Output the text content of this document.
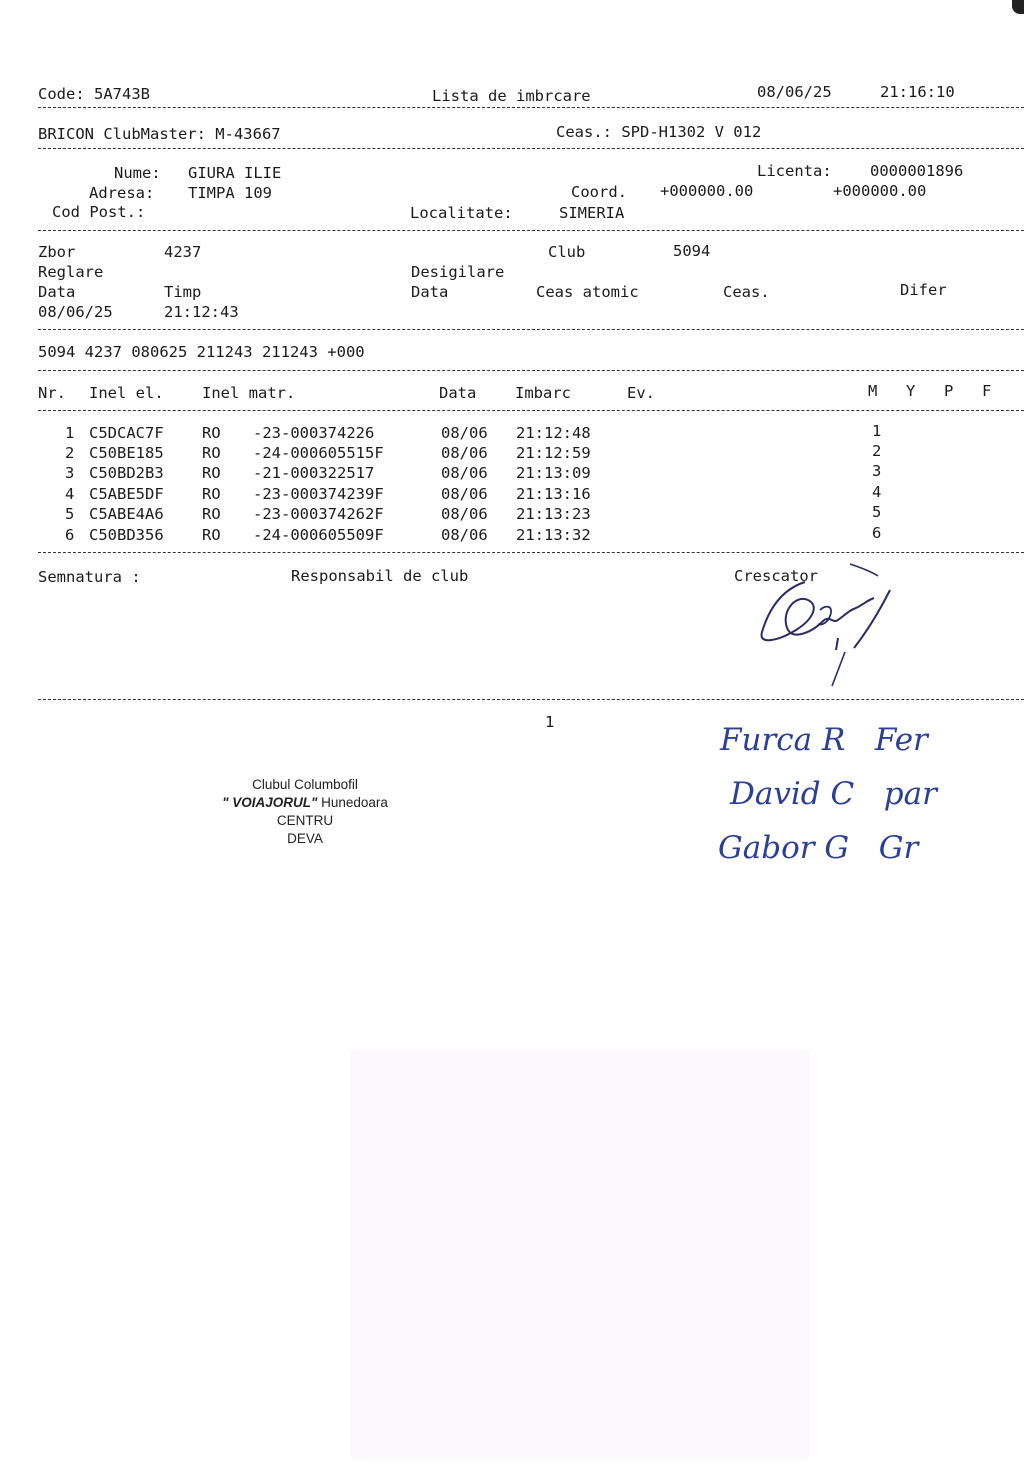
Code: 5A743B	Lista de imbrcare	08/06/25	21:16:10
BRICON ClubMaster: M-43667	Ceas.: SPD-H1302 V 012
Nume: GIURA ILIE	Licenta: 0000001896
Adresa: TIMPA 109	Coord. +000000.00	+000000.00
Cod Post.:	Localitate:	SIMERIA
Zbor	4237	Club	5094
Reglare	Desigilare
Data	Timp	Data	Ceas atomic	Ceas.	Difer
08/06/25	21:12:43
5094 4237 080625 211243 211243 +000
Nr. Inel el. Inel matr.	Data Imbarc	Ev.	M Y P F
1 C5DCAC7F RO -23-000374226	08/06 21:12:48	1
2 C50BE185 RO -24-000605515F	08/06 21:12:59	2
3 C50BD2B3 RO -21-000322517	08/06 21:13:09	3
4 C5ABE5DF RO -23-000374239F	08/06 21:13:16	4
5 C5ABE4A6 RO -23-000374262F	08/06 21:13:23	5
6 C50BD356 RO -24-000605509F	08/06 21:13:32	6
Semnatura :	Responsabil de club	Crescator
1
Clubul Columbofil
" VOIAJORUL" Hunedoara
CENTRU
DEVA
Furca R   Fer
David C   par
Gabor G   Gr
